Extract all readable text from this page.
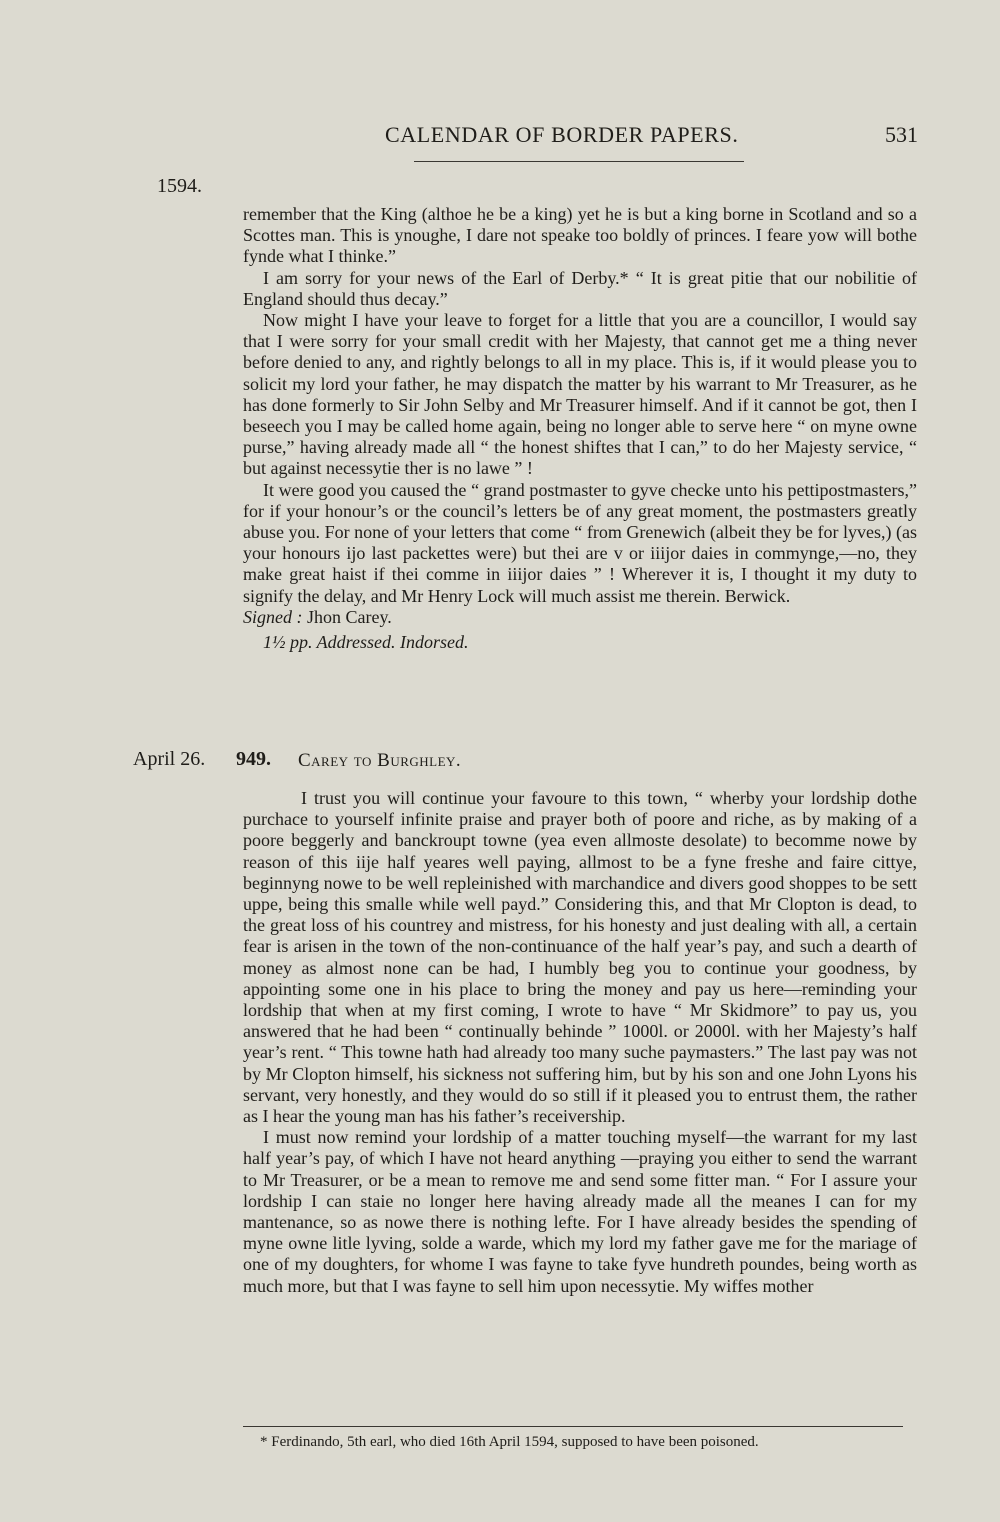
CALENDAR OF BORDER PAPERS.	531
1594.

remember that the King (althoe he be a king) yet he is but a king borne in Scotland and so a Scottes man. This is ynoughe, I dare not speake too boldly of princes. I feare yow will bothe fynde what I thinke.”

I am sorry for your news of the Earl of Derby.* “ It is great pitie that our nobilitie of England should thus decay.”

Now might I have your leave to forget for a little that you are a councillor, I would say that I were sorry for your small credit with her Majesty, that cannot get me a thing never before denied to any, and rightly belongs to all in my place. This is, if it would please you to solicit my lord your father, he may dispatch the matter by his warrant to Mr Treasurer, as he has done formerly to Sir John Selby and Mr Treasurer himself. And if it cannot be got, then I beseech you I may be called home again, being no longer able to serve here “ on myne owne purse,” having already made all “ the honest shiftes that I can,” to do her Majesty service, “ but against necessytie ther is no lawe ” !

It were good you caused the “ grand postmaster to gyve checke unto his pettipostmasters,” for if your honour’s or the council’s letters be of any great moment, the postmasters greatly abuse you. For none of your letters that come “ from Grenewich (albeit they be for lyves,) (as your honours ijo last packettes were) but thei are v or iiijor daies in commynge,—no, they make great haist if thei comme in iiijor daies ” ! Wherever it is, I thought it my duty to signify the delay, and Mr Henry Lock will much assist me therein. Berwick.

Signed : Jhon Carey.

1½ pp. Addressed. Indorsed.

April 26. 949. Carey to Burghley.

I trust you will continue your favoure to this town, “ wherby your lordship dothe purchace to yourself infinite praise and prayer both of poore and riche, as by making of a poore beggerly and banckroupt towne (yea even allmoste desolate) to becomme nowe by reason of this iije half yeares well paying, allmost to be a fyne freshe and faire cittye, beginnyng nowe to be well repleinished with marchandice and divers good shoppes to be sett uppe, being this smalle while well payd.” Considering this, and that Mr Clopton is dead, to the great loss of his countrey and mistress, for his honesty and just dealing with all, a certain fear is arisen in the town of the non-continuance of the half year’s pay, and such a dearth of money as almost none can be had, I humbly beg you to continue your goodness, by appointing some one in his place to bring the money and pay us here—reminding your lordship that when at my first coming, I wrote to have “ Mr Skidmore” to pay us, you answered that he had been “ continually behinde ” 1000l. or 2000l. with her Majesty’s half year’s rent. “ This towne hath had already too many suche paymasters.” The last pay was not by Mr Clopton himself, his sickness not suffering him, but by his son and one John Lyons his servant, very honestly, and they would do so still if it pleased you to entrust them, the rather as I hear the young man has his father’s receivership.

I must now remind your lordship of a matter touching myself—the warrant for my last half year’s pay, of which I have not heard anything —praying you either to send the warrant to Mr Treasurer, or be a mean to remove me and send some fitter man. “ For I assure your lordship I can staie no longer here having already made all the meanes I can for my mantenance, so as nowe there is nothing lefte. For I have already besides the spending of myne owne litle lyving, solde a warde, which my lord my father gave me for the mariage of one of my doughters, for whome I was fayne to take fyve hundreth poundes, being worth as much more, but that I was fayne to sell him upon necessytie. My wiffes mother

* Ferdinando, 5th earl, who died 16th April 1594, supposed to have been poisoned.
